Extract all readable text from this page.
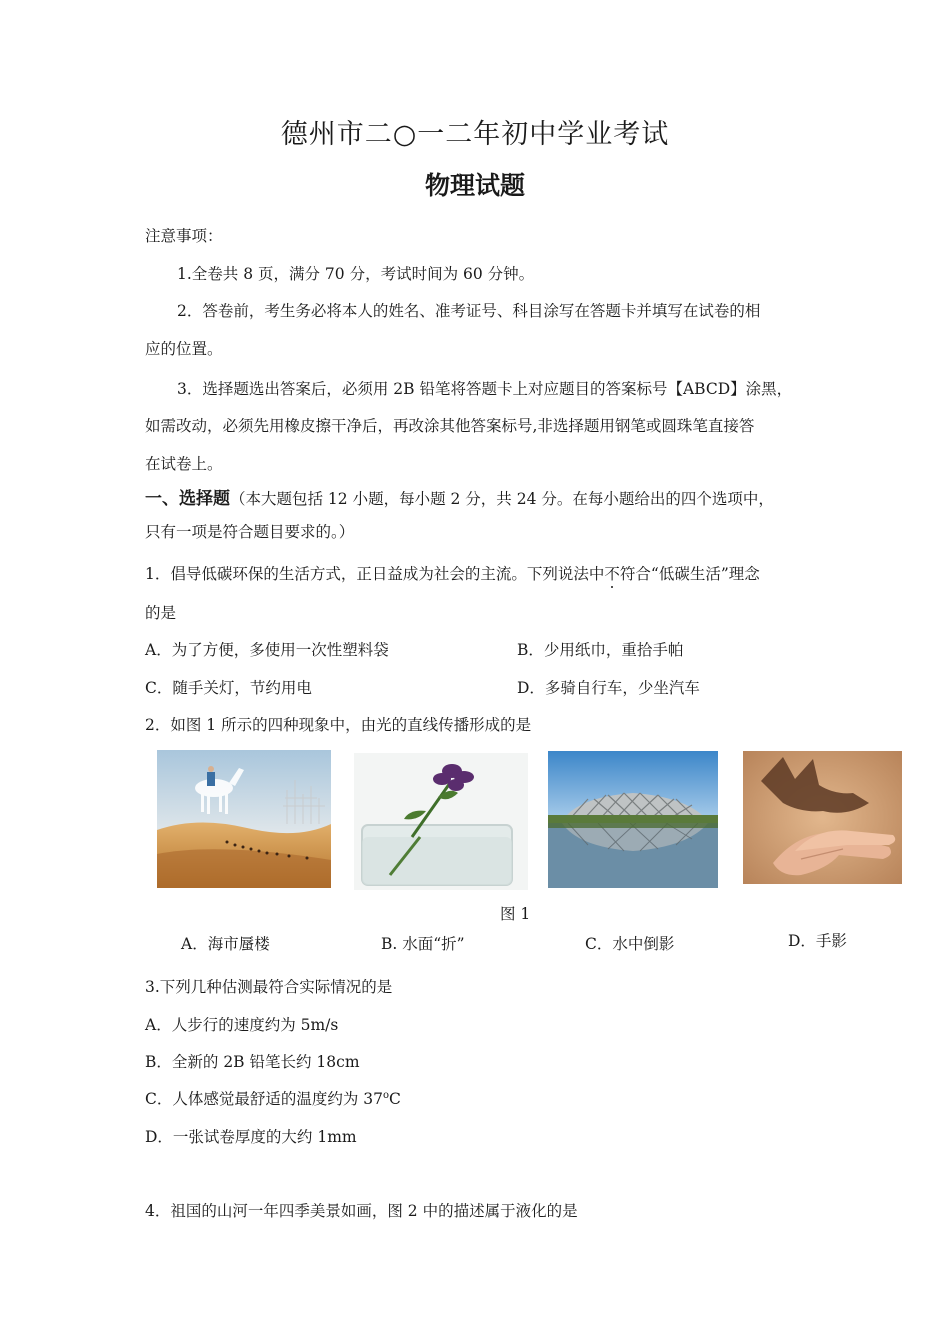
德州市二○一二年初中学业考试
物理试题
注意事项：
1.全卷共 8 页，满分 70 分，考试时间为 60 分钟。
2．答卷前，考生务必将本人的姓名、准考证号、科目涂写在答题卡并填写在试卷的相
应的位置。
3．选择题选出答案后，必须用 2B 铅笔将答题卡上对应题目的答案标号【ABCD】涂黑，
如需改动，必须先用橡皮擦干净后，再改涂其他答案标号,非选择题用钢笔或圆珠笔直接答
在试卷上。
一、选择题（本大题包括 12 小题，每小题 2 分，共 24 分。在每小题给出的四个选项中，
只有一项是符合题目要求的。）
1．倡导低碳环保的生活方式，正日益成为社会的主流。下列说法中不符合“低碳生活”理念
的是
A．为了方便，多使用一次性塑料袋	B．少用纸巾，重拾手帕
C．随手关灯，节约用电	D．多骑自行车，少坐汽车
2．如图 1 所示的四种现象中，由光的直线传播形成的是
图 1
A．海市蜃楼	B. 水面“折”	C．水中倒影	D．手影
3.下列几种估测最符合实际情况的是
A．人步行的速度约为 5m/s
B．全新的 2B 铅笔长约 18cm
C．人体感觉最舒适的温度约为 37$^o$C
D．一张试卷厚度的大约 1mm
4．祖国的山河一年四季美景如画，图 2 中的描述属于液化的是
